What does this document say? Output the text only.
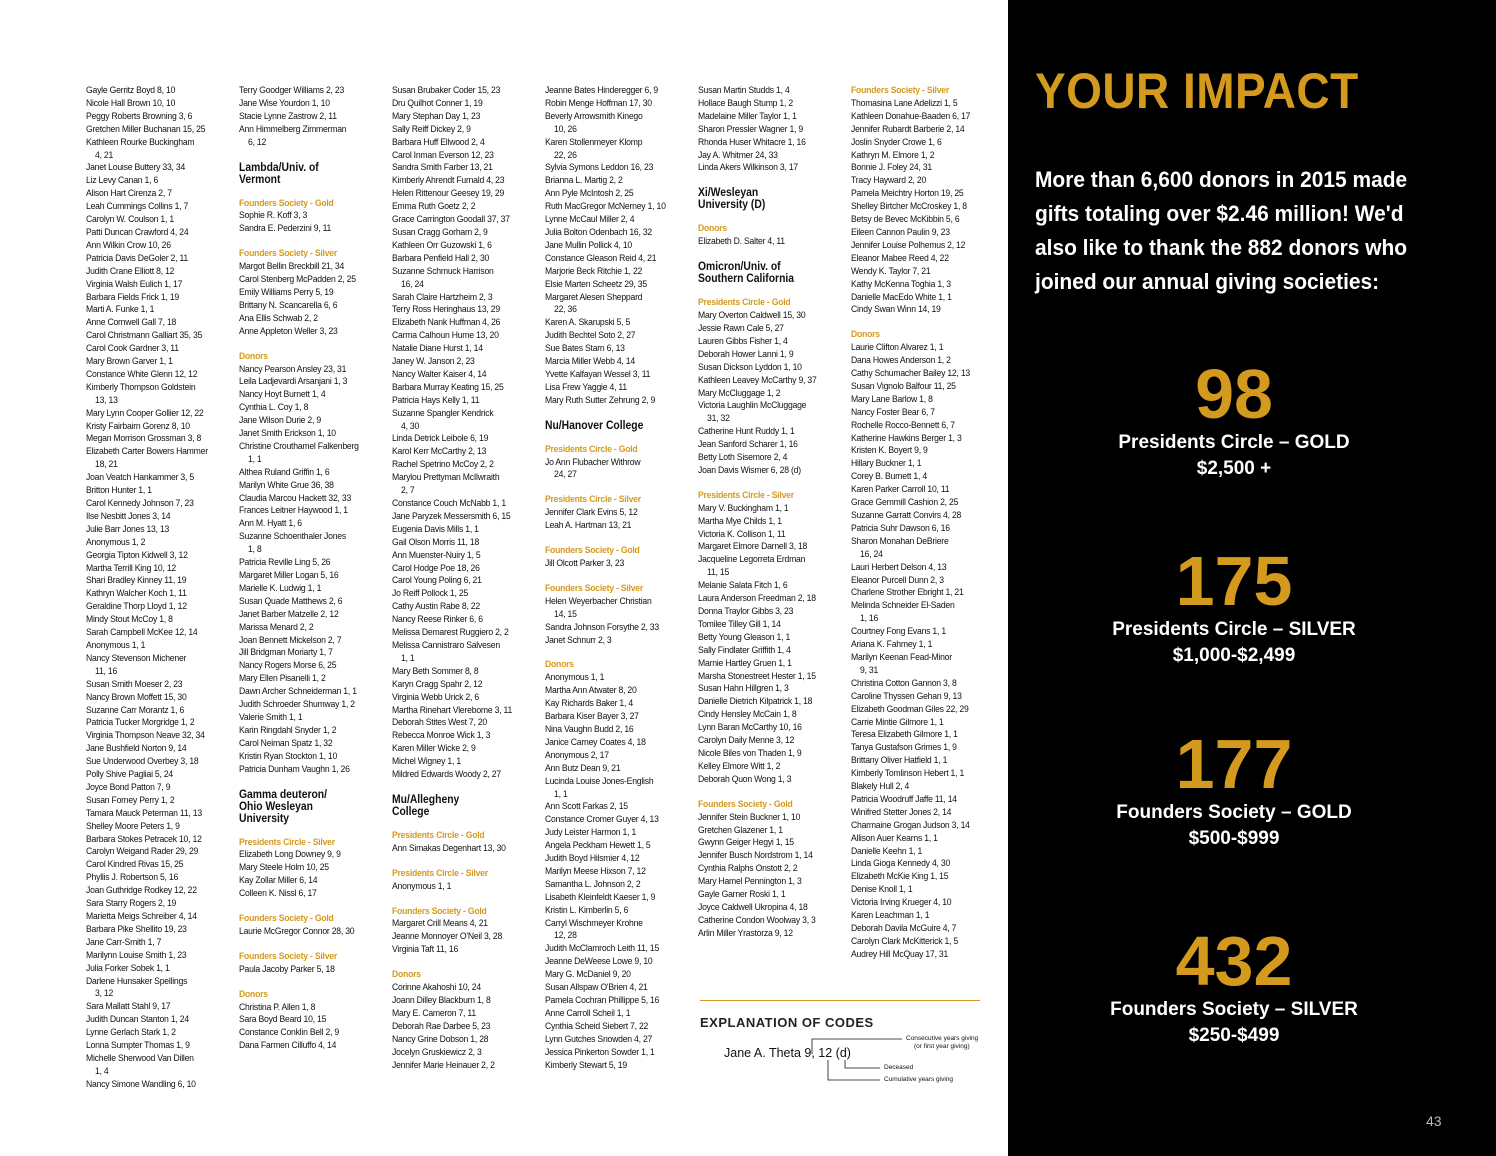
Gayle Gerritz Boyd 8, 10
Nicole Hall Brown 10, 10
Peggy Roberts Browning 3, 6
Gretchen Miller Buchanan 15, 25
Kathleen Rourke Buckingham
4, 21
Janet Louise Buttery 33, 34
Liz Levy Canan 1, 6
Alison Hart Cirenza 2, 7
Leah Cummings Collins 1, 7
Carolyn W. Coulson 1, 1
Patti Duncan Crawford 4, 24
Ann Wilkin Crow 10, 26
Patricia Davis DeGoler 2, 11
Judith Crane Elliott 8, 12
Virginia Walsh Eulich 1, 17
Barbara Fields Frick 1, 19
Marti A. Funke 1, 1
Anne Cornwell Gall 7, 18
Carol Christmann Galliart 35, 35
Carol Cook Gardner 3, 11
Mary Brown Garver 1, 1
Constance White Glenn 12, 12
Kimberly Thompson Goldstein
13, 13
Mary Lynn Cooper Gollier 12, 22
Kristy Fairbairn Gorenz 8, 10
Megan Morrison Grossman 3, 8
Elizabeth Carter Bowers Hammer
18, 21
Joan Veatch Hankammer 3, 5
Britton Hunter 1, 1
Carol Kennedy Johnson 7, 23
Ilse Nesbitt Jones 3, 14
Julie Barr Jones 13, 13
Anonymous 1, 2
Georgia Tipton Kidwell 3, 12
Martha Terrill King 10, 12
Shari Bradley Kinney 11, 19
Kathryn Walcher Koch 1, 11
Geraldine Thorp Lloyd 1, 12
Mindy Stout McCoy 1, 8
Sarah Campbell McKee 12, 14
Anonymous 1, 1
Nancy Stevenson Michener
11, 16
Susan Smith Moeser 2, 23
Nancy Brown Moffett 15, 30
Suzanne Carr Morantz 1, 6
Patricia Tucker Morgridge 1, 2
Virginia Thompson Neave 32, 34
Jane Bushfield Norton 9, 14
Sue Underwood Overbey 3, 18
Polly Shive Pagliai 5, 24
Joyce Bond Patton 7, 9
Susan Forney Perry 1, 2
Tamara Mauck Peterman 11, 13
Shelley Moore Peters 1, 9
Barbara Stokes Petracek 10, 12
Carolyn Weigand Rader 29, 29
Carol Kindred Rivas 15, 25
Phyllis J. Robertson 5, 16
Joan Guthridge Rodkey 12, 22
Sara Starry Rogers 2, 19
Marietta Meigs Schreiber 4, 14
Barbara Pike Shellito 19, 23
Jane Carr-Smith 1, 7
Marilynn Louise Smith 1, 23
Julia Forker Sobek 1, 1
Darlene Hunsaker Spellings
3, 12
Sara Mallatt Stahl 9, 17
Judith Duncan Stanton 1, 24
Lynne Gerlach Stark 1, 2
Lonna Sumpter Thomas 1, 9
Michelle Sherwood Van Dillen
1, 4
Nancy Simone Wandling 6, 10
Terry Goodger Williams 2, 23
Jane Wise Yourdon 1, 10
Stacie Lynne Zastrow 2, 11
Ann Himmelberg Zimmerman
6, 12
Lambda/Univ. of
Vermont
Founders Society - Gold
Sophie R. Koff 3, 3
Sandra E. Pederzini 9, 11
Founders Society - Silver
Margot Bellin Breckbill 21, 34
Carol Stenberg McPadden 2, 25
Emily Williams Perry 5, 19
Brittany N. Scancarella 6, 6
Ana Ellis Schwab 2, 2
Anne Appleton Weller 3, 23
Donors
Nancy Pearson Ansley 23, 31
Leila Ladjevardi Arsanjani 1, 3
Nancy Hoyt Burnett 1, 4
Cynthia L. Coy 1, 8
Jane Wilson Durie 2, 9
Janet Smith Erickson 1, 10
Christine Crouthamel Falkenberg
1, 1
Althea Ruland Griffin 1, 6
Marilyn White Grue 36, 38
Claudia Marcou Hackett 32, 33
Frances Leitner Haywood 1, 1
Ann M. Hyatt 1, 6
Suzanne Schoenthaler Jones
1, 8
Patricia Reville Ling 5, 26
Margaret Miller Logan 5, 16
Marielle K. Ludwig 1, 1
Susan Quade Matthews 2, 6
Janet Barber Matzelle 2, 12
Marissa Menard 2, 2
Joan Bennett Mickelson 2, 7
Jill Bridgman Moriarty 1, 7
Nancy Rogers Morse 6, 25
Mary Ellen Pisanelli 1, 2
Dawn Archer Schneiderman 1, 1
Judith Schroeder Shumway 1, 2
Valerie Smith 1, 1
Karin Ringdahl Snyder 1, 2
Carol Neiman Spatz 1, 32
Kristin Ryan Stockton 1, 10
Patricia Dunham Vaughn 1, 26
Gamma deuteron/
Ohio Wesleyan
University
Presidents Circle - Silver
Elizabeth Long Downey 9, 9
Mary Steele Holm 10, 25
Kay Zollar Miller 6, 14
Colleen K. Nissl 6, 17
Founders Society - Gold
Laurie McGregor Connor 28, 30
Founders Society - Silver
Paula Jacoby Parker 5, 18
Donors
Christina P. Allen 1, 8
Sara Boyd Beard 10, 15
Constance Conklin Bell 2, 9
Dana Farmen Cilluffo 4, 14
Susan Brubaker Coder 15, 23
Dru Quilhot Conner 1, 19
Mary Stephan Day 1, 23
Sally Reiff Dickey 2, 9
Barbara Huff Ellwood 2, 4
Carol Inman Everson 12, 23
Sandra Smith Farber 13, 21
Kimberly Ahrendt Furnald 4, 23
Helen Rittenour Geesey 19, 29
Emma Ruth Goetz 2, 2
Grace Carrington Goodall 37, 37
Susan Cragg Gorham 2, 9
Kathleen Orr Guzowski 1, 6
Barbara Penfield Hall 2, 30
Suzanne Schmuck Harrison
16, 24
Sarah Claire Hartzheim 2, 3
Terry Ross Heringhaus 13, 29
Elizabeth Nank Huffman 4, 26
Carma Calhoun Hume 13, 20
Natalie Diane Hurst 1, 14
Janey W. Janson 2, 23
Nancy Walter Kaiser 4, 14
Barbara Murray Keating 15, 25
Patricia Hays Kelly 1, 11
Suzanne Spangler Kendrick
4, 30
Linda Detrick Leibole 6, 19
Karol Kerr McCarthy 2, 13
Rachel Spetrino McCoy 2, 2
Marylou Prettyman McIlwraith
2, 7
Constance Couch McNabb 1, 1
Jane Paryzek Messersmith 6, 15
Eugenia Davis Mills 1, 1
Gail Olson Morris 11, 18
Ann Muenster-Nuiry 1, 5
Carol Hodge Poe 18, 26
Carol Young Poling 6, 21
Jo Reiff Pollock 1, 25
Cathy Austin Rabe 8, 22
Nancy Reese Rinker 6, 6
Melissa Demarest Ruggiero 2, 2
Melissa Cannistraro Salvesen
1, 1
Mary Beth Sommer 8, 8
Karyn Cragg Spahr 2, 12
Virginia Webb Urick 2, 6
Martha Rinehart Vlerebome 3, 11
Deborah Stites West 7, 20
Rebecca Monroe Wick 1, 3
Karen Miller Wicke 2, 9
Michel Wigney 1, 1
Mildred Edwards Woody 2, 27
Mu/Allegheny
College
Presidents Circle - Gold
Ann Simakas Degenhart 13, 30
Presidents Circle - Silver
Anonymous 1, 1
Founders Society - Gold
Margaret Crill Means 4, 21
Jeanne Monnoyer O'Neil 3, 28
Virginia Taft 11, 16
Donors
Corinne Akahoshi 10, 24
Joann Dilley Blackburn 1, 8
Mary E. Cameron 7, 11
Deborah Rae Darbee 5, 23
Nancy Grine Dobson 1, 28
Jocelyn Gruskiewicz 2, 3
Jennifer Marie Heinauer 2, 2
Jeanne Bates Hinderegger 6, 9
Robin Menge Hoffman 17, 30
Beverly Arrowsmith Kinego
10, 26
Karen Stollenmeyer Klomp
22, 26
Sylvia Symons Leddon 16, 23
Brianna L. Martig 2, 2
Ann Pyle McIntosh 2, 25
Ruth MacGregor McNerney 1, 10
Lynne McCaul Miller 2, 4
Julia Bolton Odenbach 16, 32
Jane Mullin Pollick 4, 10
Constance Gleason Reid 4, 21
Marjorie Beck Ritchie 1, 22
Elsie Marten Scheetz 29, 35
Margaret Alesen Sheppard
22, 36
Karen A. Skarupski 5, 5
Judith Bechtel Soto 2, 27
Sue Bates Starn 6, 13
Marcia Miller Webb 4, 14
Yvette Kalfayan Wessel 3, 11
Lisa Frew Yaggie 4, 11
Mary Ruth Sutter Zehrung 2, 9
Nu/Hanover College
Presidents Circle - Gold
Jo Ann Flubacher Withrow
24, 27
Presidents Circle - Silver
Jennifer Clark Evins 5, 12
Leah A. Hartman 13, 21
Founders Society - Gold
Jill Olcott Parker 3, 23
Founders Society - Silver
Helen Weyerbacher Christian
14, 15
Sandra Johnson Forsythe 2, 33
Janet Schnurr 2, 3
Donors
Anonymous 1, 1
Martha Ann Atwater 8, 20
Kay Richards Baker 1, 4
Barbara Kiser Bayer 3, 27
Nina Vaughn Budd 2, 16
Janice Carney Coates 4, 18
Anonymous 2, 17
Ann Butz Dean 9, 21
Lucinda Louise Jones-English
1, 1
Ann Scott Farkas 2, 15
Constance Cromer Guyer 4, 13
Judy Leister Harmon 1, 1
Angela Peckham Hewett 1, 5
Judith Boyd Hilsmier 4, 12
Marilyn Meese Hixson 7, 12
Samantha L. Johnson 2, 2
Lisabeth Kleinfeldt Kaeser 1, 9
Kristin L. Kimberlin 5, 6
Carryl Wischmeyer Krohne
12, 28
Judith McClamroch Leith 11, 15
Jeanne DeWeese Lowe 9, 10
Mary G. McDaniel 9, 20
Susan Allspaw O'Brien 4, 21
Pamela Cochran Phillippe 5, 16
Anne Carroll Scheil 1, 1
Cynthia Scheid Siebert 7, 22
Lynn Gutches Snowden 4, 27
Jessica Pinkerton Sowder 1, 1
Kimberly Stewart 5, 19
Susan Martin Studds 1, 4
Hollace Baugh Stump 1, 2
Madelaine Miller Taylor 1, 1
Sharon Pressler Wagner 1, 9
Rhonda Huser Whitacre 1, 16
Jay A. Whitmer 24, 33
Linda Akers Wilkinson 3, 17
Xi/Wesleyan
University (D)
Donors
Elizabeth D. Salter 4, 11
Omicron/Univ. of
Southern California
Presidents Circle - Gold
Mary Overton Caldwell 15, 30
Jessie Rawn Cale 5, 27
Lauren Gibbs Fisher 1, 4
Deborah Hower Lanni 1, 9
Susan Dickson Lyddon 1, 10
Kathleen Leavey McCarthy 9, 37
Mary McCluggage 1, 2
Victoria Laughlin McCluggage
31, 32
Catherine Hunt Ruddy 1, 1
Jean Sanford Scharer 1, 16
Betty Loth Sisemore 2, 4
Joan Davis Wismer 6, 28 (d)
Presidents Circle - Silver
Mary V. Buckingham 1, 1
Martha Mye Childs 1, 1
Victoria K. Collison 1, 11
Margaret Elmore Darnell 3, 18
Jacqueline Legorreta Erdman
11, 15
Melanie Salata Fitch 1, 6
Laura Anderson Freedman 2, 18
Donna Traylor Gibbs 3, 23
Tomilee Tilley Gill 1, 14
Betty Young Gleason 1, 1
Sally Findlater Griffith 1, 4
Marnie Hartley Gruen 1, 1
Marsha Stonestreet Hester 1, 15
Susan Hahn Hillgren 1, 3
Danielle Dietrich Kilpatrick 1, 18
Cindy Hensley McCain 1, 8
Lynn Baran McCarthy 10, 16
Carolyn Daily Menne 3, 12
Nicole Biles von Thaden 1, 9
Kelley Elmore Witt 1, 2
Deborah Quon Wong 1, 3
Founders Society - Gold
Jennifer Stein Buckner 1, 10
Gretchen Glazener 1, 1
Gwynn Geiger Hegyi 1, 15
Jennifer Busch Nordstrom 1, 14
Cynthia Ralphs Onstott 2, 2
Mary Hamel Pennington 1, 3
Gayle Garner Roski 1, 1
Joyce Caldwell Ukropina 4, 18
Catherine Condon Woolway 3, 3
Arlin Miller Yrastorza 9, 12
Founders Society - Silver
Thomasina Lane Adelizzi 1, 5
Kathleen Donahue-Baaden 6, 17
Jennifer Rubardt Barberie 2, 14
Joslin Snyder Crowe 1, 6
Kathryn M. Elmore 1, 2
Bonnie J. Foley 24, 31
Tracy Hayward 2, 20
Pamela Meichtry Horton 19, 25
Shelley Birtcher McCroskey 1, 8
Betsy de Bevec McKibbin 5, 6
Eileen Cannon Paulin 9, 23
Jennifer Louise Polhemus 2, 12
Eleanor Mabee Reed 4, 22
Wendy K. Taylor 7, 21
Kathy McKenna Toghia 1, 3
Danielle MacEdo White 1, 1
Cindy Swan Winn 14, 19
Donors
Laurie Clifton Alvarez 1, 1
Dana Howes Anderson 1, 2
Cathy Schumacher Bailey 12, 13
Susan Vignolo Balfour 11, 25
Mary Lane Barlow 1, 8
Nancy Foster Bear 6, 7
Rochelle Rocco-Bennett 6, 7
Katherine Hawkins Berger 1, 3
Kristen K. Boyert 9, 9
Hillary Buckner 1, 1
Corey B. Burnett 1, 4
Karen Parker Carroll 10, 11
Grace Gemmill Cashion 2, 25
Suzanne Garratt Convirs 4, 28
Patricia Suhr Dawson 6, 16
Sharon Monahan DeBriere
16, 24
Lauri Herbert Delson 4, 13
Eleanor Purcell Dunn 2, 3
Charlene Strother Ebright 1, 21
Melinda Schneider El-Saden
1, 16
Courtney Fong Evans 1, 1
Ariana K. Fahmey 1, 1
Marilyn Keenan Fead-Minor
9, 31
Christina Cotton Gannon 3, 8
Caroline Thyssen Gehan 9, 13
Elizabeth Goodman Giles 22, 29
Carrie Mintie Gilmore 1, 1
Teresa Elizabeth Gilmore 1, 1
Tanya Gustafson Grimes 1, 9
Brittany Oliver Hatfield 1, 1
Kimberly Tomlinson Hebert 1, 1
Blakely Hull 2, 4
Patricia Woodruff Jaffe 11, 14
Winifred Stetter Jones 2, 14
Charmaine Grogan Judson 3, 14
Allison Auer Kearns 1, 1
Danielle Keehn 1, 1
Linda Gioga Kennedy 4, 30
Elizabeth McKie King 1, 15
Denise Knoll 1, 1
Victoria Irving Krueger 4, 10
Karen Leachman 1, 1
Deborah Davila McGuire 4, 7
Carolyn Clark McKitterick 1, 5
Audrey Hill McQuay 17, 31
EXPLANATION OF CODES
Jane A. Theta 9, 12 (d)
Consecutive years giving
(or first year giving)
Deceased
Cumulative years giving
YOUR IMPACT
More than 6,600 donors in 2015 made
gifts totaling over $2.46 million! We'd
also like to thank the 882 donors who
joined our annual giving societies:
98
Presidents Circle – GOLD
$2,500 +
175
Presidents Circle – SILVER
$1,000-$2,499
177
Founders Society – GOLD
$500-$999
432
Founders Society – SILVER
$250-$499
43
